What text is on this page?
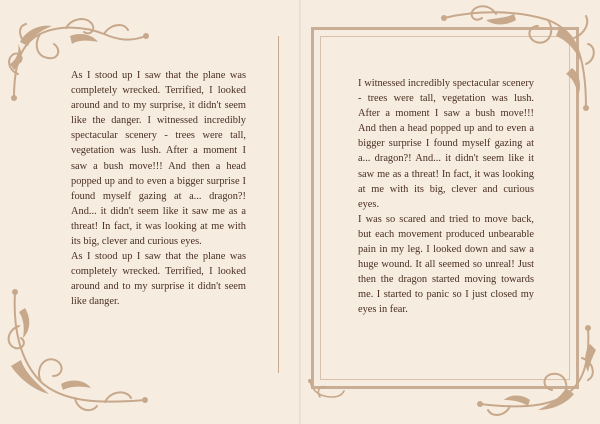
As I stood up I saw that the plane was completely wrecked. Terrified, I looked around and to my surprise, it didn't seem like the danger. I witnessed incredibly spectacular scenery - trees were tall, vegetation was lush. After a moment I saw a bush move!!! And then a head popped up and to even a bigger surprise I found myself gazing at a... dragon?! And... it didn't seem like it saw me as a threat! In fact, it was looking at me with its big, clever and curious eyes.

As I stood up I saw that the plane was completely wrecked. Terrified, I looked around and to my surprise it didn't seem like danger.

I witnessed incredibly spectacular scenery - trees were tall, vegetation was lush. After a moment I saw a bush move!!! And then a head popped up and to even a bigger surprise I found myself gazing at a... dragon?! And... it didn't seem like it saw me as a threat! In fact, it was looking at me with its big, clever and curious eyes.

I was so scared and tried to move back, but each movement produced unbearable pain in my leg. I looked down and saw a huge wound. It all seemed so unreal! Just then the dragon started moving towards me. I started to panic so I just closed my eyes in fear.
